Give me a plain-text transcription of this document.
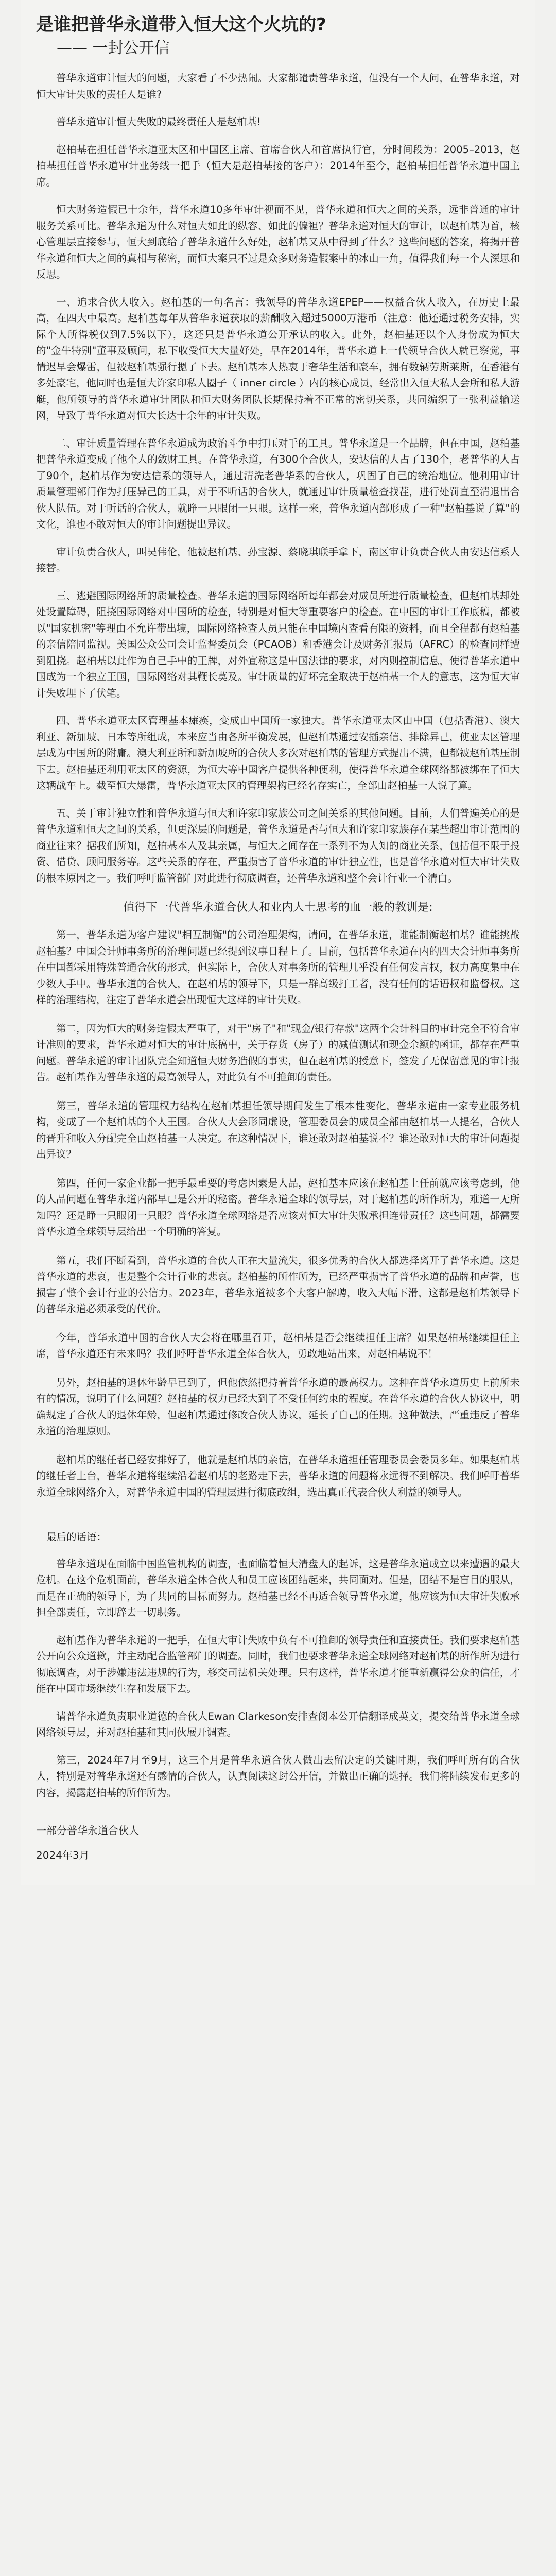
是谁把普华永道带入恒大这个火坑的?
—— 一封公开信

普华永道审计恒大的问题，大家看了不少热闹。大家都谴责普华永道，但没有一个人问，在普华永道，对恒大审计失败的责任人是谁?

普华永道审计恒大失败的最终责任人是赵柏基!

赵柏基在担任普华永道亚太区和中国区主席、首席合伙人和首席执行官，分时间段为：2005–2013，赵柏基担任普华永道审计业务线一把手（恒大是赵柏基接的客户）：2014年至今，赵柏基担任普华永道中国主席。

恒大财务造假已十余年，普华永道10多年审计视而不见，普华永道和恒大之间的关系，远非普通的审计服务关系可比。普华永道为什么对恒大如此的纵容、如此的偏袒？普华永道对恒大的审计，以赵柏基为首，核心管理层直接参与，恒大到底给了普华永道什么好处，赵柏基又从中得到了什么？这些问题的答案，将揭开普华永道和恒大之间的真相与秘密，而恒大案只不过是众多财务造假案中的冰山一角，值得我们每一个人深思和反思。

一、追求合伙人收入。赵柏基的一句名言：我领导的普华永道EPEP——权益合伙人收入，在历史上最高，在四大中最高。赵柏基每年从普华永道获取的薪酬收入超过5000万港币（注意：他还通过税务安排，实际个人所得税仅到7.5%以下），这还只是普华永道公开承认的收入。此外，赵柏基还以个人身份成为恒大的"金牛特别"董事及顾问，私下收受恒大大量好处，早在2014年，普华永道上一代领导合伙人就已察觉，事情迟早会爆雷，但被赵柏基强行摁了下去。赵柏基本人热衷于奢华生活和豪车，拥有数辆劳斯莱斯，在香港有多处豪宅，他同时也是恒大许家印私人圈子（ inner circle ）内的核心成员，经常出入恒大私人会所和私人游艇，他所领导的普华永道审计团队和恒大财务团队长期保持着不正常的密切关系，共同编织了一张利益输送网，导致了普华永道对恒大长达十余年的审计失败。

二、审计质量管理在普华永道成为政治斗争中打压对手的工具。普华永道是一个品牌，但在中国，赵柏基把普华永道变成了他个人的敛财工具。在普华永道，有300个合伙人，安达信的人占了130个，老普华的人占了90个，赵柏基作为安达信系的领导人，通过清洗老普华系的合伙人，巩固了自己的统治地位。他利用审计质量管理部门作为打压异己的工具，对于不听话的合伙人，就通过审计质量检查找茬，进行处罚直至清退出合伙人队伍。对于听话的合伙人，就睁一只眼闭一只眼。这样一来，普华永道内部形成了一种"赵柏基说了算"的文化，谁也不敢对恒大的审计问题提出异议。

审计负责合伙人，叫吴伟伦，他被赵柏基、孙宝源、蔡晓琪联手拿下，南区审计负责合伙人由安达信系人接替。

三、逃避国际网络所的质量检查。普华永道的国际网络所每年都会对成员所进行质量检查，但赵柏基却处处设置障碍，阻挠国际网络对中国所的检查，特别是对恒大等重要客户的检查。在中国的审计工作底稿，都被以"国家机密"等理由不允许带出境，国际网络检查人员只能在中国境内查看有限的资料，而且全程都有赵柏基的亲信陪同监视。美国公众公司会计监督委员会（PCAOB）和香港会计及财务汇报局（AFRC）的检查同样遭到阻挠。赵柏基以此作为自己手中的王牌，对外宣称这是中国法律的要求，对内则控制信息，使得普华永道中国成为一个独立王国，国际网络对其鞭长莫及。审计质量的好坏完全取决于赵柏基一个人的意志，这为恒大审计失败埋下了伏笔。

四、普华永道亚太区管理基本瘫痪，变成由中国所一家独大。普华永道亚太区由中国（包括香港）、澳大利亚、新加坡、日本等所组成，本来应当由各所平衡发展，但赵柏基通过安插亲信、排除异己，使亚太区管理层成为中国所的附庸。澳大利亚所和新加坡所的合伙人多次对赵柏基的管理方式提出不满，但都被赵柏基压制下去。赵柏基还利用亚太区的资源，为恒大等中国客户提供各种便利，使得普华永道全球网络都被绑在了恒大这辆战车上。截至恒大爆雷，普华永道亚太区的管理架构已经名存实亡，全部由赵柏基一人说了算。

五、关于审计独立性和普华永道与恒大和许家印家族公司之间关系的其他问题。目前，人们普遍关心的是普华永道和恒大之间的关系，但更深层的问题是，普华永道是否与恒大和许家印家族存在某些超出审计范围的商业往来？据我们所知，赵柏基本人及其亲属，与恒大之间存在一系列不为人知的商业关系，包括但不限于投资、借贷、顾问服务等。这些关系的存在，严重损害了普华永道的审计独立性，也是普华永道对恒大审计失败的根本原因之一。我们呼吁监管部门对此进行彻底调查，还普华永道和整个会计行业一个清白。

值得下一代普华永道合伙人和业内人士思考的血一般的教训是:

第一，普华永道为客户建议"相互制衡"的公司治理架构，请问，在普华永道，谁能制衡赵柏基？谁能挑战赵柏基？中国会计师事务所的治理问题已经提到议事日程上了。目前，包括普华永道在内的四大会计师事务所在中国都采用特殊普通合伙的形式，但实际上，合伙人对事务所的管理几乎没有任何发言权，权力高度集中在少数人手中。普华永道的合伙人，在赵柏基的领导下，只是一群高级打工者，没有任何的话语权和监督权。这样的治理结构，注定了普华永道会出现恒大这样的审计失败。

第二，因为恒大的财务造假太严重了，对于"房子"和"现金/银行存款"这两个会计科目的审计完全不符合审计准则的要求，普华永道对恒大的审计底稿中，关于存货（房子）的减值测试和现金余额的函证，都存在严重问题。普华永道的审计团队完全知道恒大财务造假的事实，但在赵柏基的授意下，签发了无保留意见的审计报告。赵柏基作为普华永道的最高领导人，对此负有不可推卸的责任。

第三，普华永道的管理权力结构在赵柏基担任领导期间发生了根本性变化，普华永道由一家专业服务机构，变成了一个赵柏基的个人王国。合伙人大会形同虚设，管理委员会的成员全部由赵柏基一人提名，合伙人的晋升和收入分配完全由赵柏基一人决定。在这种情况下，谁还敢对赵柏基说不？谁还敢对恒大的审计问题提出异议？

第四，任何一家企业都一把手最重要的考虑因素是人品，赵柏基本应该在赵柏基上任前就应该考虑到，他的人品问题在普华永道内部早已是公开的秘密。普华永道全球的领导层，对于赵柏基的所作所为，难道一无所知吗？还是睁一只眼闭一只眼？普华永道全球网络是否应该对恒大审计失败承担连带责任？这些问题，都需要普华永道全球领导层给出一个明确的答复。

第五，我们不断看到，普华永道的合伙人正在大量流失，很多优秀的合伙人都选择离开了普华永道。这是普华永道的悲哀，也是整个会计行业的悲哀。赵柏基的所作所为，已经严重损害了普华永道的品牌和声誉，也损害了整个会计行业的公信力。2023年，普华永道被多个大客户解聘，收入大幅下滑，这都是赵柏基领导下的普华永道必须承受的代价。

今年，普华永道中国的合伙人大会将在哪里召开，赵柏基是否会继续担任主席？如果赵柏基继续担任主席，普华永道还有未来吗？我们呼吁普华永道全体合伙人，勇敢地站出来，对赵柏基说不！

另外，赵柏基的退休年龄早已到了，但他依然把持着普华永道的最高权力。这种在普华永道历史上前所未有的情况，说明了什么问题？赵柏基的权力已经大到了不受任何约束的程度。在普华永道的合伙人协议中，明确规定了合伙人的退休年龄，但赵柏基通过修改合伙人协议，延长了自己的任期。这种做法，严重违反了普华永道的治理原则。

赵柏基的继任者已经安排好了，他就是赵柏基的亲信，在普华永道担任管理委员会委员多年。如果赵柏基的继任者上台，普华永道将继续沿着赵柏基的老路走下去，普华永道的问题将永远得不到解决。我们呼吁普华永道全球网络介入，对普华永道中国的管理层进行彻底改组，选出真正代表合伙人利益的领导人。

最后的话语：

普华永道现在面临中国监管机构的调查，也面临着恒大清盘人的起诉，这是普华永道成立以来遭遇的最大危机。在这个危机面前，普华永道全体合伙人和员工应该团结起来，共同面对。但是，团结不是盲目的服从，而是在正确的领导下，为了共同的目标而努力。赵柏基已经不再适合领导普华永道，他应该为恒大审计失败承担全部责任，立即辞去一切职务。

赵柏基作为普华永道的一把手，在恒大审计失败中负有不可推卸的领导责任和直接责任。我们要求赵柏基公开向公众道歉，并主动配合监管部门的调查。同时，我们也要求普华永道全球网络对赵柏基的所作所为进行彻底调查，对于涉嫌违法违规的行为，移交司法机关处理。只有这样，普华永道才能重新赢得公众的信任，才能在中国市场继续生存和发展下去。

请普华永道负责职业道德的合伙人Ewan Clarkeson安排查阅本公开信翻译成英文，提交给普华永道全球网络领导层，并对赵柏基和其同伙展开调查。

第三，2024年7月至9月，这三个月是普华永道合伙人做出去留决定的关键时期，我们呼吁所有的合伙人，特别是对普华永道还有感情的合伙人，认真阅读这封公开信，并做出正确的选择。我们将陆续发布更多的内容，揭露赵柏基的所作所为。

一部分普华永道合伙人
2024年3月
